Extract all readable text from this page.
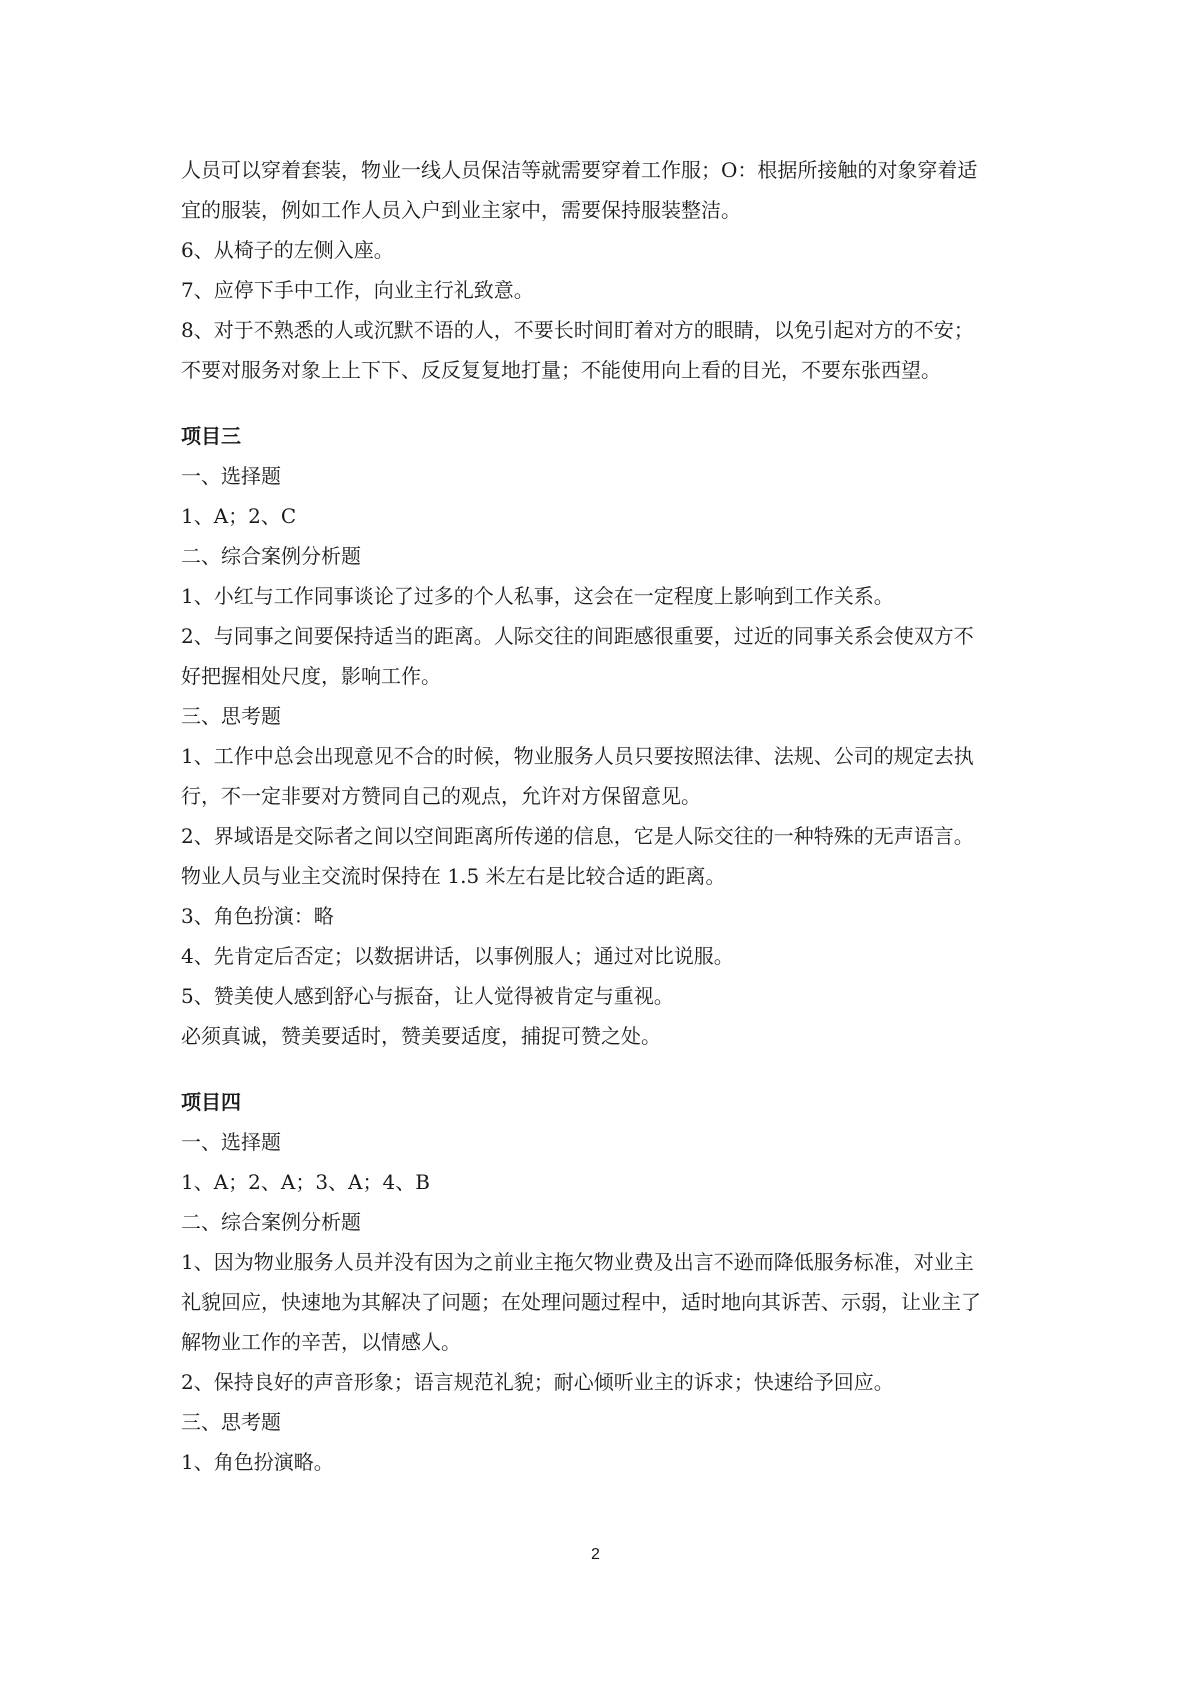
人员可以穿着套装，物业一线人员保洁等就需要穿着工作服；O：根据所接触的对象穿着适
宜的服装，例如工作人员入户到业主家中，需要保持服装整洁。
6、从椅子的左侧入座。
7、应停下手中工作，向业主行礼致意。
8、对于不熟悉的人或沉默不语的人，不要长时间盯着对方的眼睛，以免引起对方的不安；
不要对服务对象上上下下、反反复复地打量；不能使用向上看的目光，不要东张西望。
项目三
一、选择题
1、A；2、C
二、综合案例分析题
1、小红与工作同事谈论了过多的个人私事，这会在一定程度上影响到工作关系。
2、与同事之间要保持适当的距离。人际交往的间距感很重要，过近的同事关系会使双方不
好把握相处尺度，影响工作。
三、思考题
1、工作中总会出现意见不合的时候，物业服务人员只要按照法律、法规、公司的规定去执
行，不一定非要对方赞同自己的观点，允许对方保留意见。
2、界域语是交际者之间以空间距离所传递的信息，它是人际交往的一种特殊的无声语言。
物业人员与业主交流时保持在 1.5 米左右是比较合适的距离。
3、角色扮演：略
4、先肯定后否定；以数据讲话，以事例服人；通过对比说服。
5、赞美使人感到舒心与振奋，让人觉得被肯定与重视。
必须真诚，赞美要适时，赞美要适度，捕捉可赞之处。
项目四
一、选择题
1、A；2、A；3、A；4、B
二、综合案例分析题
1、因为物业服务人员并没有因为之前业主拖欠物业费及出言不逊而降低服务标准，对业主
礼貌回应，快速地为其解决了问题；在处理问题过程中，适时地向其诉苦、示弱，让业主了
解物业工作的辛苦，以情感人。
2、保持良好的声音形象；语言规范礼貌；耐心倾听业主的诉求；快速给予回应。
三、思考题
1、角色扮演略。
2
